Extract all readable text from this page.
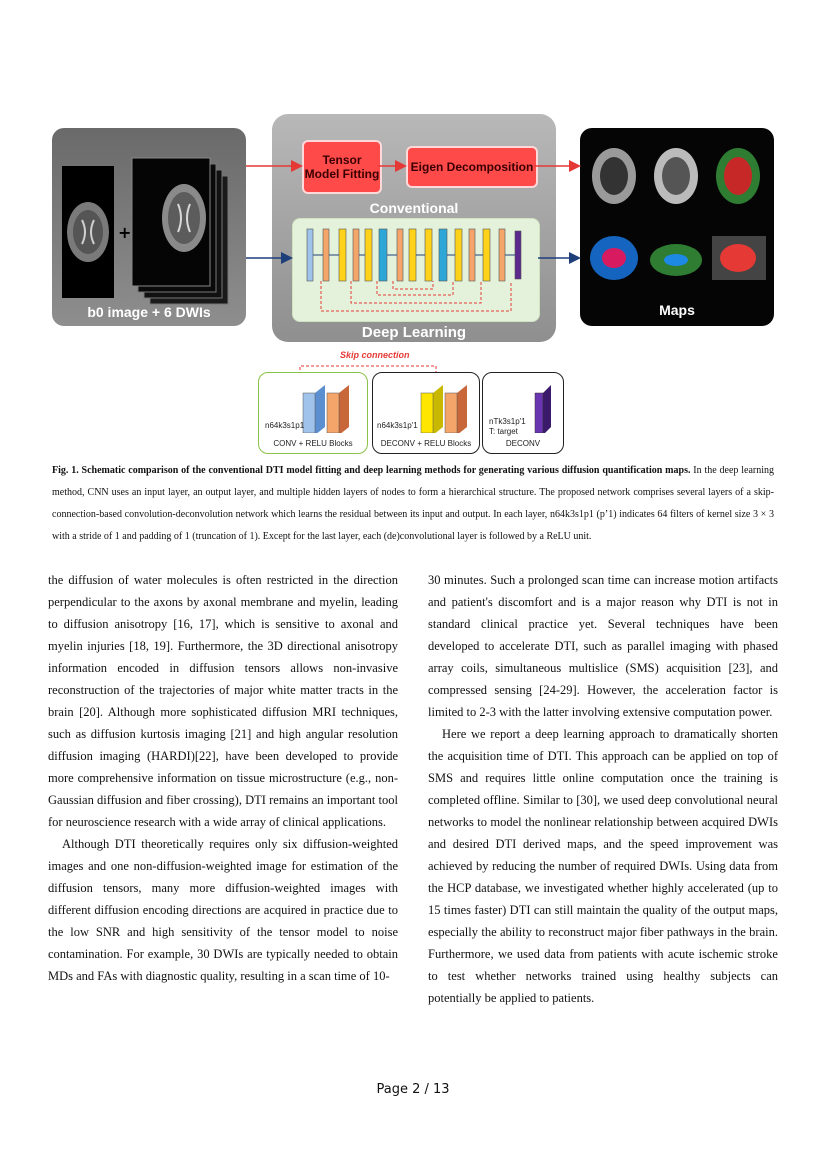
+
b0 image + 6 DWIs
Tensor Model Fitting	Eigen Decomposition
Conventional
Deep Learning
Maps
Skip connection
n64k3s1p1
CONV + RELU Blocks
n64k3s1p'1
DECONV + RELU Blocks
nTk3s1p'1
T: target
DECONV
Fig. 1. Schematic comparison of the conventional DTI model fitting and deep learning methods for generating various diffusion quantification maps. In the deep learning method, CNN uses an input layer, an output layer, and multiple hidden layers of nodes to form a hierarchical structure. The proposed network comprises several layers of a skip-connection-based convolution-deconvolution network which learns the residual between its input and output. In each layer, n64k3s1p1 (p’1) indicates 64 filters of kernel size 3 × 3 with a stride of 1 and padding of 1 (truncation of 1). Except for the last layer, each (de)convolutional layer is followed by a ReLU unit.

the diffusion of water molecules is often restricted in the direction perpendicular to the axons by axonal membrane and myelin, leading to diffusion anisotropy [16, 17], which is sensitive to axonal and myelin injuries [18, 19]. Furthermore, the 3D directional anisotropy information encoded in diffusion tensors allows non-invasive reconstruction of the trajectories of major white matter tracts in the brain [20]. Although more sophisticated diffusion MRI techniques, such as diffusion kurtosis imaging [21] and high angular resolution diffusion imaging (HARDI)[22], have been developed to provide more comprehensive information on tissue microstructure (e.g., non-Gaussian diffusion and fiber crossing), DTI remains an important tool for neuroscience research with a wide array of clinical applications.

Although DTI theoretically requires only six diffusion-weighted images and one non-diffusion-weighted image for estimation of the diffusion tensors, many more diffusion-weighted images with different diffusion encoding directions are acquired in practice due to the low SNR and high sensitivity of the tensor model to noise contamination. For example, 30 DWIs are typically needed to obtain MDs and FAs with diagnostic quality, resulting in a scan time of 10-

30 minutes. Such a prolonged scan time can increase motion artifacts and patient's discomfort and is a major reason why DTI is not in standard clinical practice yet. Several techniques have been developed to accelerate DTI, such as parallel imaging with phased array coils, simultaneous multislice (SMS) acquisition [23], and compressed sensing [24-29]. However, the acceleration factor is limited to 2-3 with the latter involving extensive computation power.

Here we report a deep learning approach to dramatically shorten the acquisition time of DTI. This approach can be applied on top of SMS and requires little online computation once the training is completed offline. Similar to [30], we used deep convolutional neural networks to model the nonlinear relationship between acquired DWIs and desired DTI derived maps, and the speed improvement was achieved by reducing the number of required DWIs. Using data from the HCP database, we investigated whether highly accelerated (up to 15 times faster) DTI can still maintain the quality of the output maps, especially the ability to reconstruct major fiber pathways in the brain. Furthermore, we used data from patients with acute ischemic stroke to test whether networks trained using healthy subjects can potentially be applied to patients.

Page 2 / 13
